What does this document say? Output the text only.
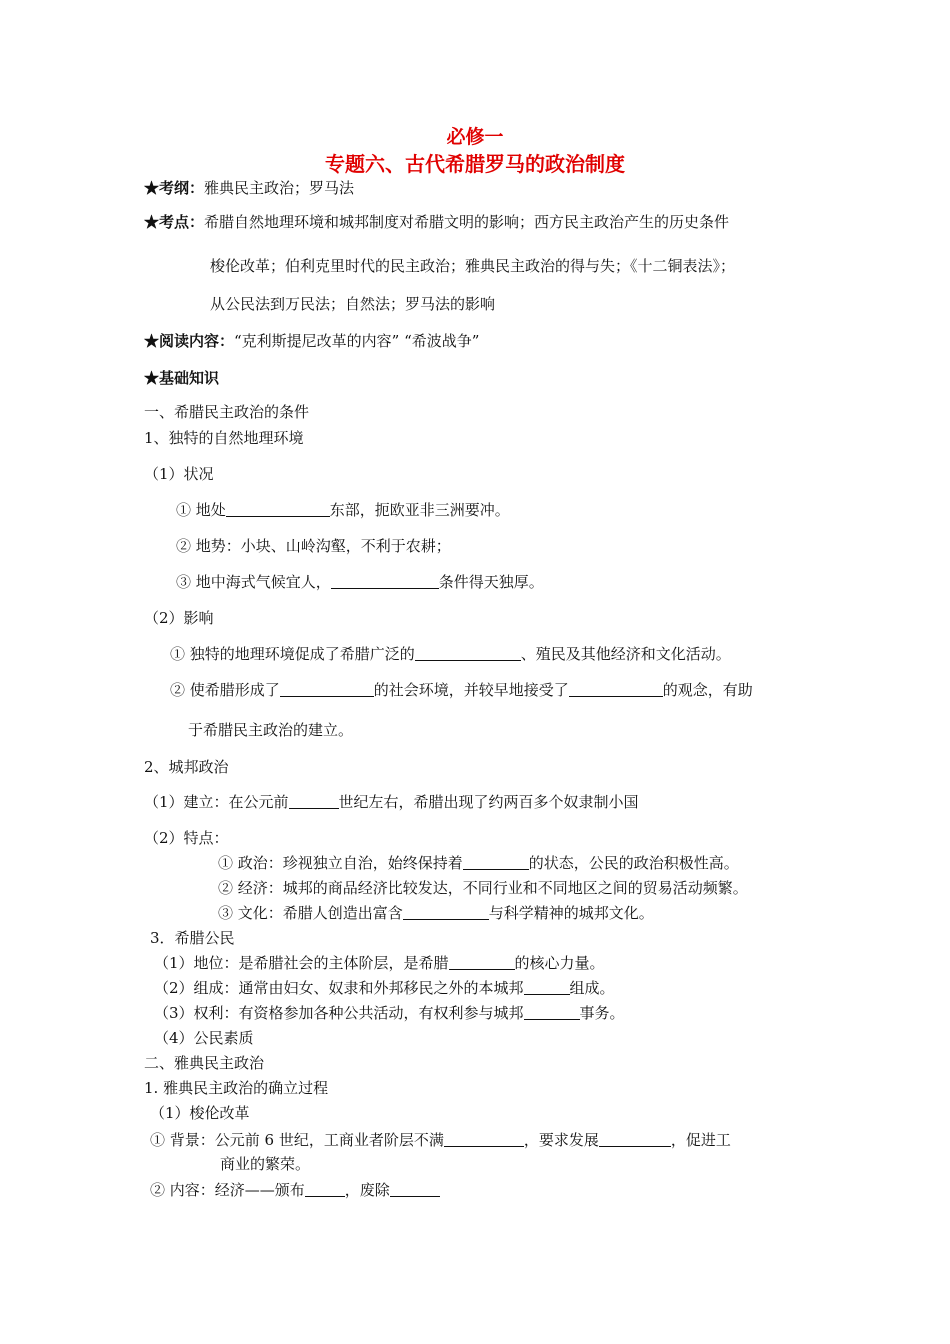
必修一
专题六、古代希腊罗马的政治制度
★考纲：雅典民主政治；罗马法
★考点：希腊自然地理环境和城邦制度对希腊文明的影响；西方民主政治产生的历史条件
梭伦改革；伯利克里时代的民主政治；雅典民主政治的得与失；《十二铜表法》；
从公民法到万民法；自然法；罗马法的影响
★阅读内容：“克利斯提尼改革的内容” “希波战争”
★基础知识
一、希腊民主政治的条件
1、独特的自然地理环境
（1）状况
① 地处	东部，扼欧亚非三洲要冲。
② 地势：小块、山岭沟壑，不利于农耕；
③ 地中海式气候宜人，	条件得天独厚。
（2）影响
① 独特的地理环境促成了希腊广泛的	、殖民及其他经济和文化活动。
② 使希腊形成了	的社会环境，并较早地接受了	的观念，有助
于希腊民主政治的建立。
2、城邦政治
（1）建立：在公元前	世纪左右，希腊出现了约两百多个奴隶制小国
（2）特点：
① 政治：珍视独立自治，始终保持着	的状态，公民的政治积极性高。
② 经济：城邦的商品经济比较发达，不同行业和不同地区之间的贸易活动频繁。
③ 文化：希腊人创造出富含	与科学精神的城邦文化。
3．希腊公民
（1）地位：是希腊社会的主体阶层，是希腊	的核心力量。
（2）组成：通常由妇女、奴隶和外邦移民之外的本城邦	组成。
（3）权利：有资格参加各种公共活动，有权利参与城邦	事务。
（4）公民素质
二、雅典民主政治
1. 雅典民主政治的确立过程
（1）梭伦改革
① 背景：公元前 6 世纪，工商业者阶层不满	，要求发展	，促进工
商业的繁荣。
② 内容：经济——颁布	，废除
